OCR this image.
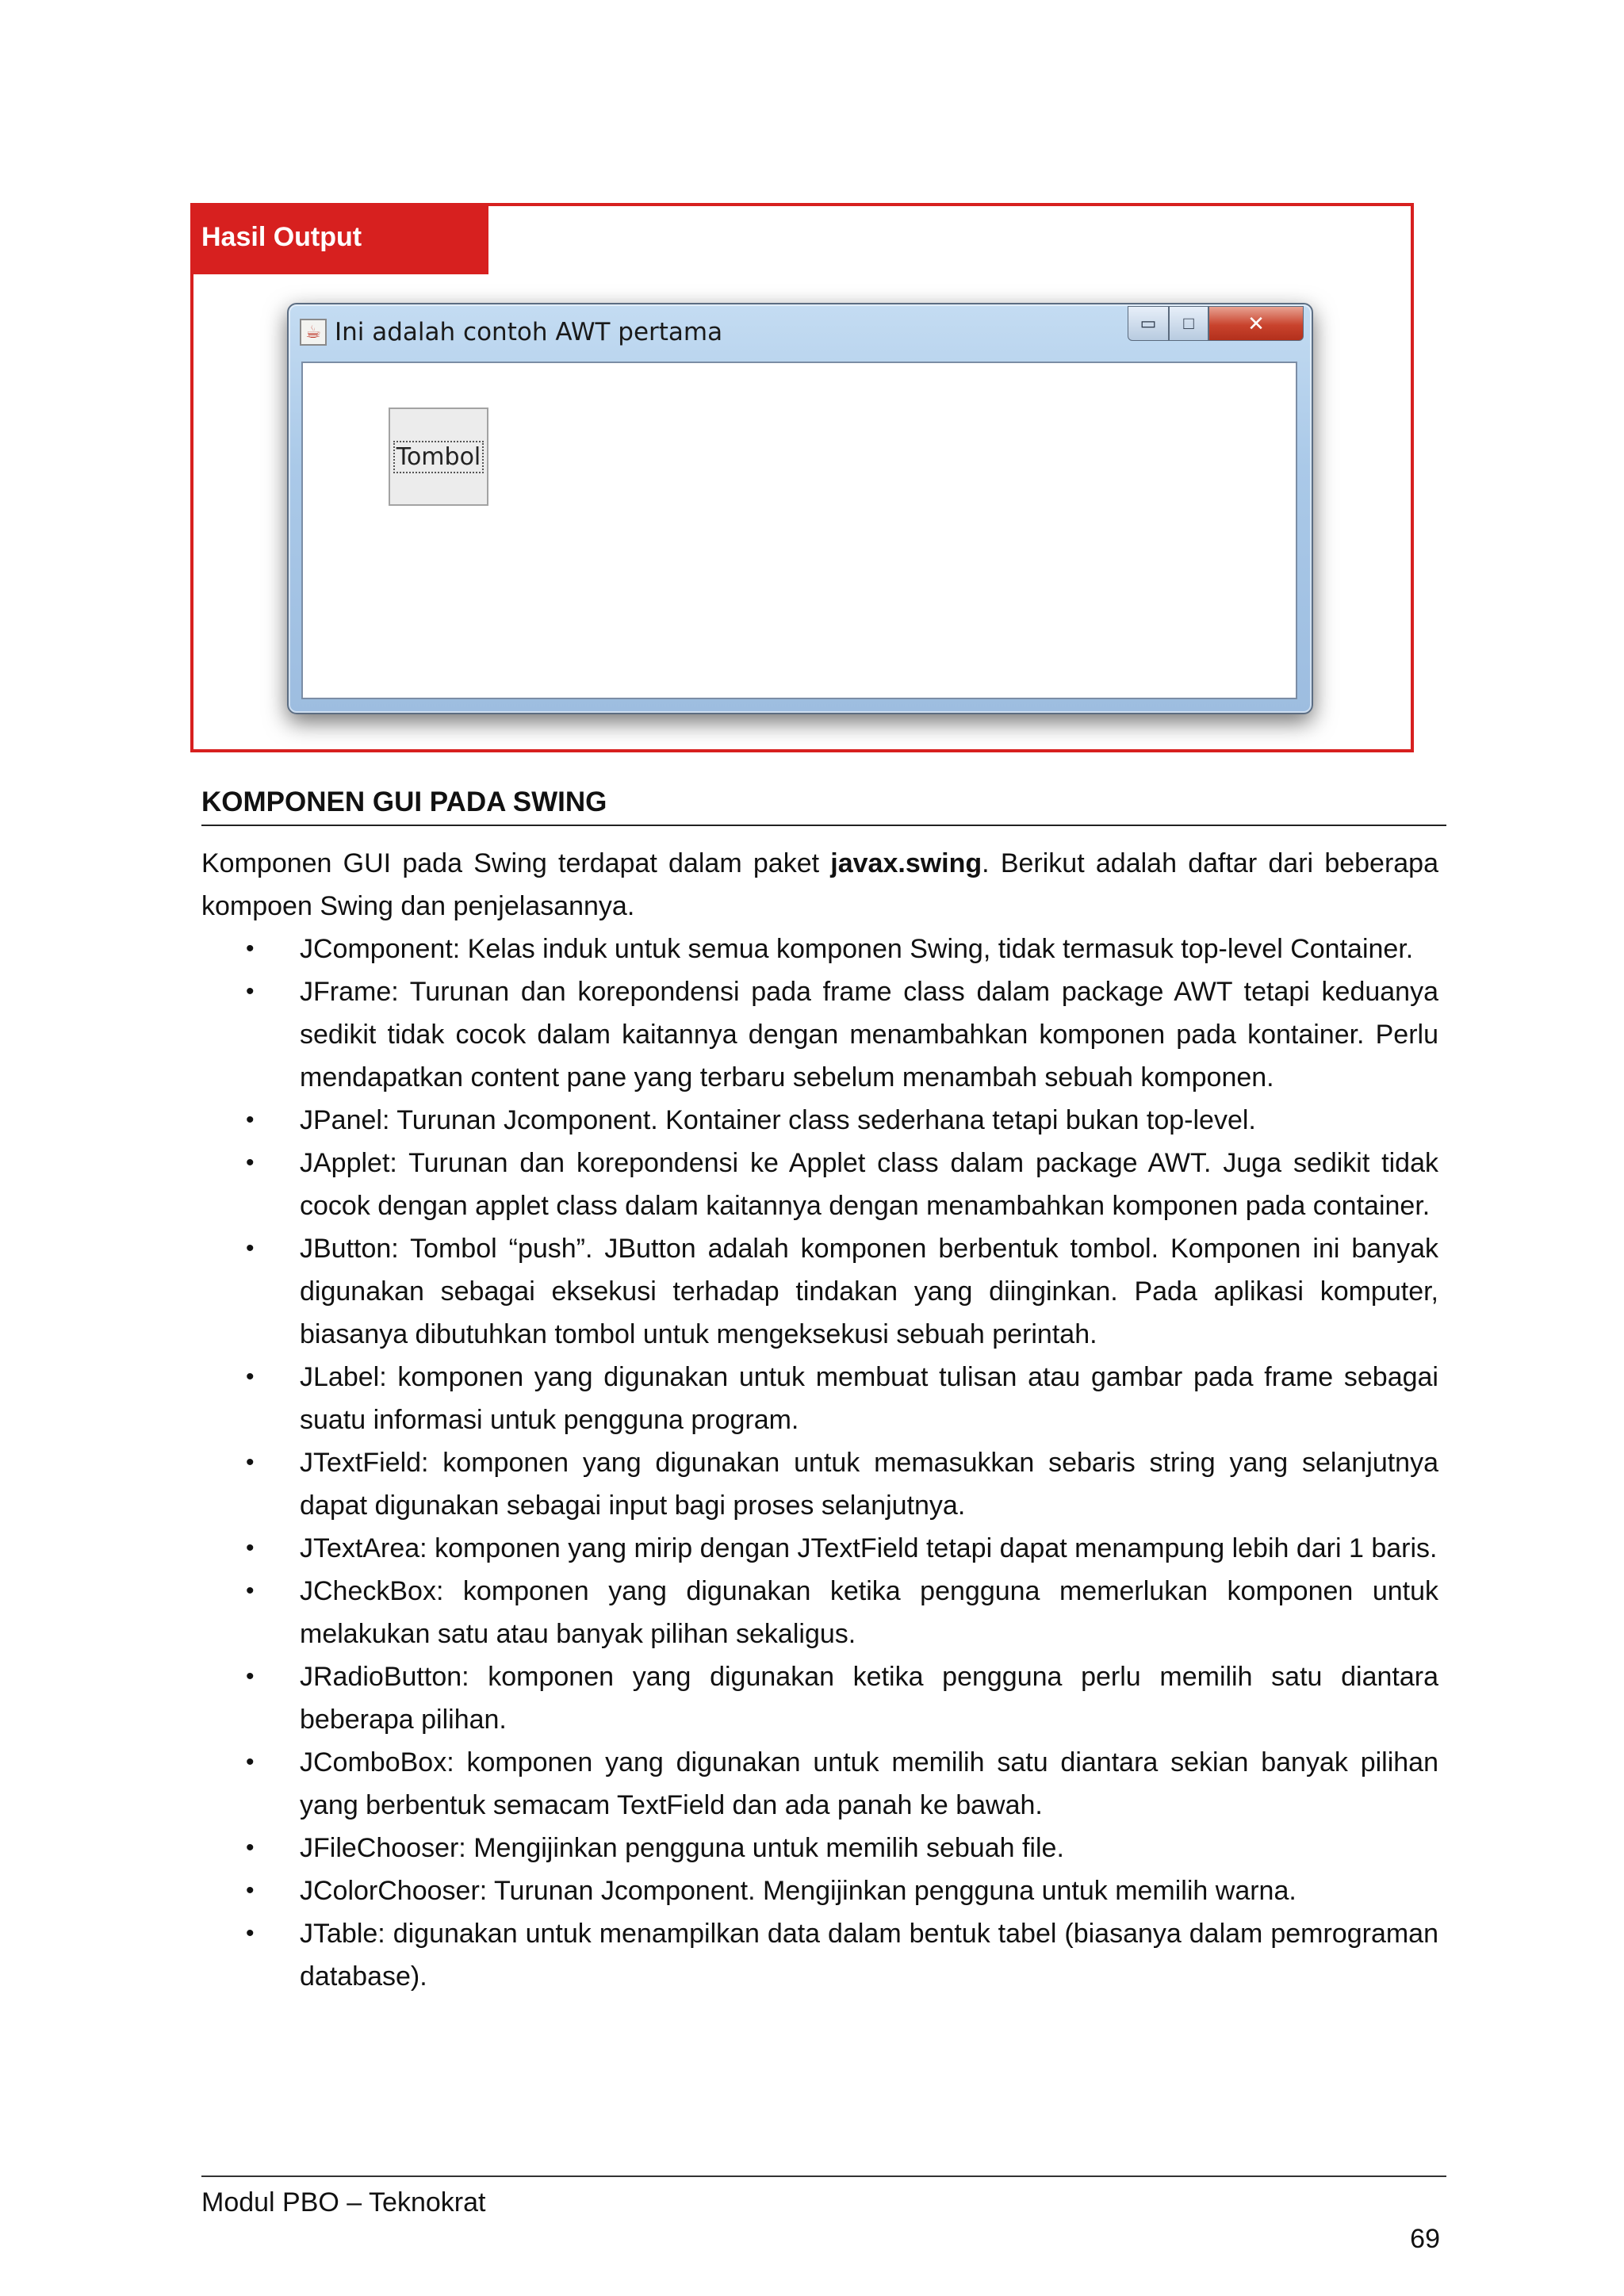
Hasil Output
☕ Ini adalah contoh AWT pertama	▭ □	✕
Tombol
KOMPONEN GUI PADA SWING

Komponen GUI pada Swing terdapat dalam paket javax.swing. Berikut adalah daftar dari beberapa kompoen Swing dan penjelasannya.

• JComponent: Kelas induk untuk semua komponen Swing, tidak termasuk top-level Container.
• JFrame: Turunan dan korepondensi pada frame class dalam package AWT tetapi keduanya sedikit tidak cocok dalam kaitannya dengan menambahkan komponen pada kontainer. Perlu mendapatkan content pane yang terbaru sebelum menambah sebuah komponen.
• JPanel: Turunan Jcomponent. Kontainer class sederhana tetapi bukan top-level.
• JApplet: Turunan dan korepondensi ke Applet class dalam package AWT. Juga sedikit tidak cocok dengan applet class dalam kaitannya dengan menambahkan komponen pada container.
• JButton: Tombol “push”. JButton adalah komponen berbentuk tombol. Komponen ini banyak digunakan sebagai eksekusi terhadap tindakan yang diinginkan. Pada aplikasi komputer, biasanya dibutuhkan tombol untuk mengeksekusi sebuah perintah.
• JLabel: komponen yang digunakan untuk membuat tulisan atau gambar pada frame sebagai suatu informasi untuk pengguna program.
• JTextField: komponen yang digunakan untuk memasukkan sebaris string yang selanjutnya dapat digunakan sebagai input bagi proses selanjutnya.
• JTextArea: komponen yang mirip dengan JTextField tetapi dapat menampung lebih dari 1 baris.
• JCheckBox: komponen yang digunakan ketika pengguna memerlukan komponen untuk melakukan satu atau banyak pilihan sekaligus.
• JRadioButton: komponen yang digunakan ketika pengguna perlu memilih satu diantara beberapa pilihan.
• JComboBox: komponen yang digunakan untuk memilih satu diantara sekian banyak pilihan yang berbentuk semacam TextField dan ada panah ke bawah.
• JFileChooser: Mengijinkan pengguna untuk memilih sebuah file.
• JColorChooser: Turunan Jcomponent. Mengijinkan pengguna untuk memilih warna.
• JTable: digunakan untuk menampilkan data dalam bentuk tabel (biasanya dalam pemrograman database).
Modul PBO – Teknokrat
69
